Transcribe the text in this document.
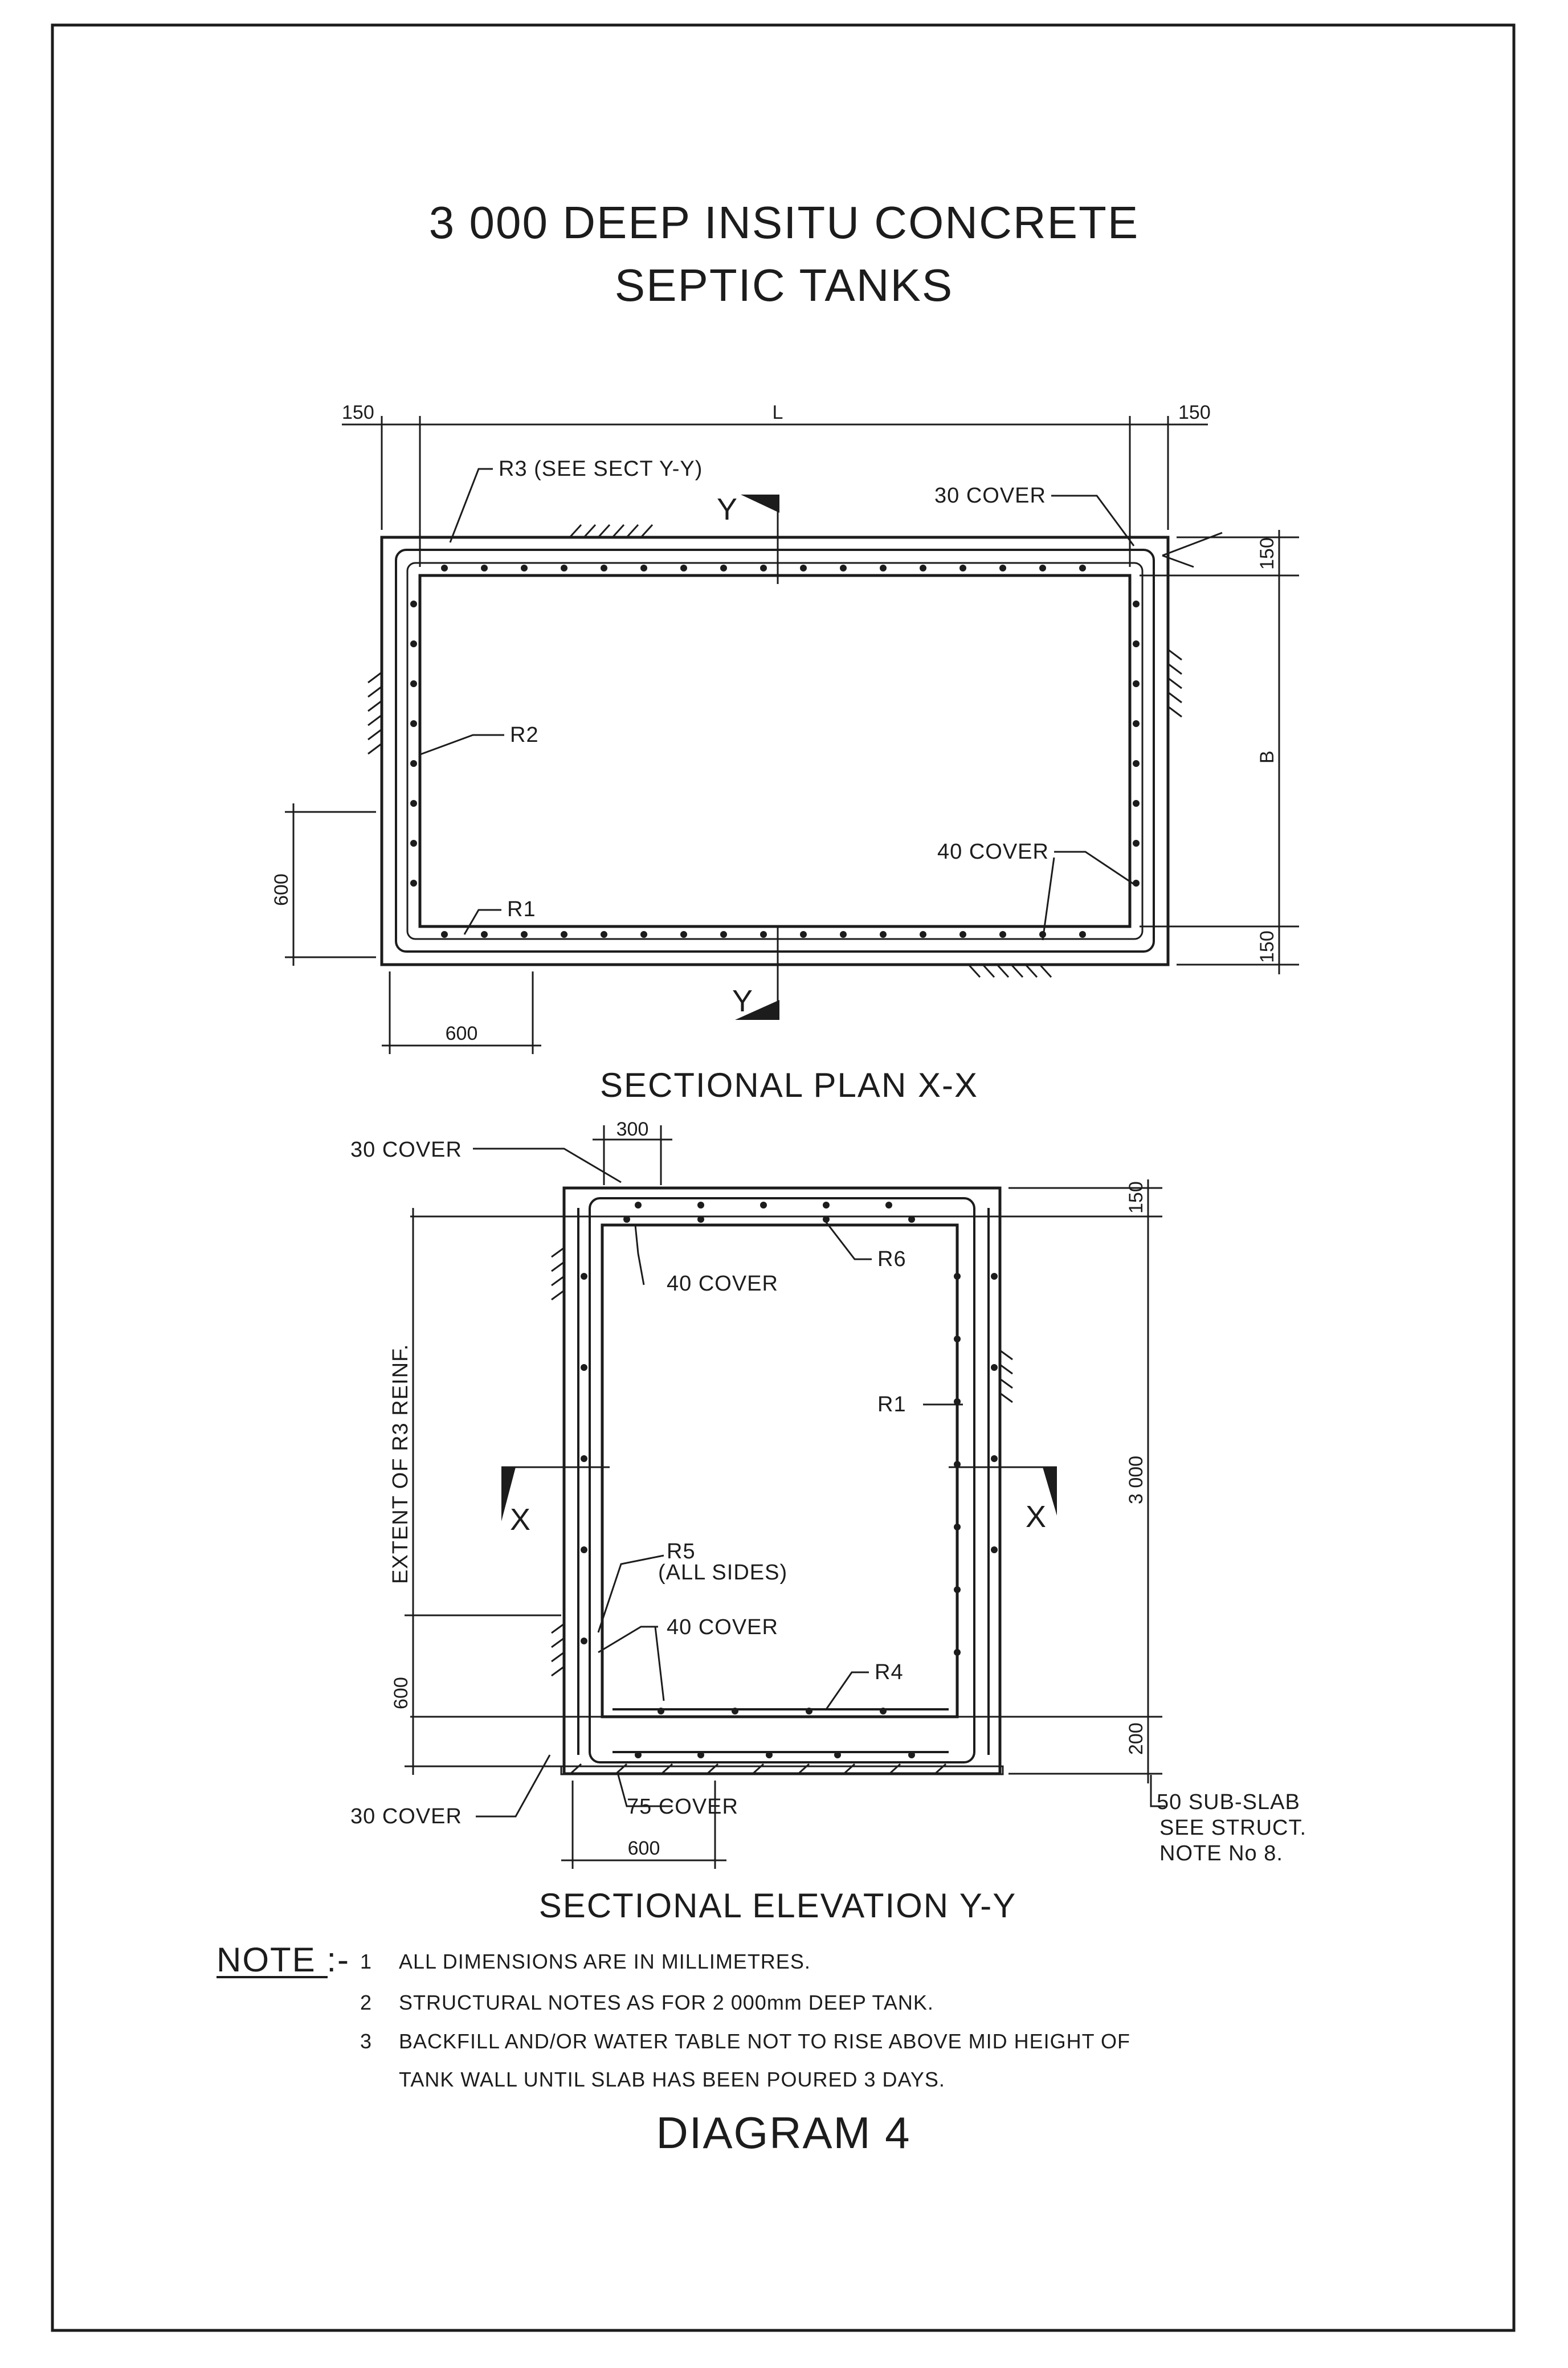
3 000 DEEP INSITU CONCRETE
SEPTIC TANKS
150	L	150
150
B
150
600
600
Y
Y
R3 (SEE SECT Y-Y)
30 COVER
R2
40 COVER
R1
SECTIONAL PLAN X-X
300
150
3 000
200
EXTENT OF R3 REINF.
600
600
X	X
30 COVER
40 COVER
R6
R1
R5
(ALL SIDES)
40 COVER
R4
30 COVER	75 COVER	50 SUB-SLAB
SEE STRUCT.
NOTE No 8.
SECTIONAL ELEVATION Y-Y
NOTE :- 1 ALL DIMENSIONS ARE IN MILLIMETRES.
2 STRUCTURAL NOTES AS FOR 2 000mm DEEP TANK.
3 BACKFILL AND/OR WATER TABLE NOT TO RISE ABOVE MID HEIGHT OF
TANK WALL UNTIL SLAB HAS BEEN POURED 3 DAYS.
DIAGRAM 4
